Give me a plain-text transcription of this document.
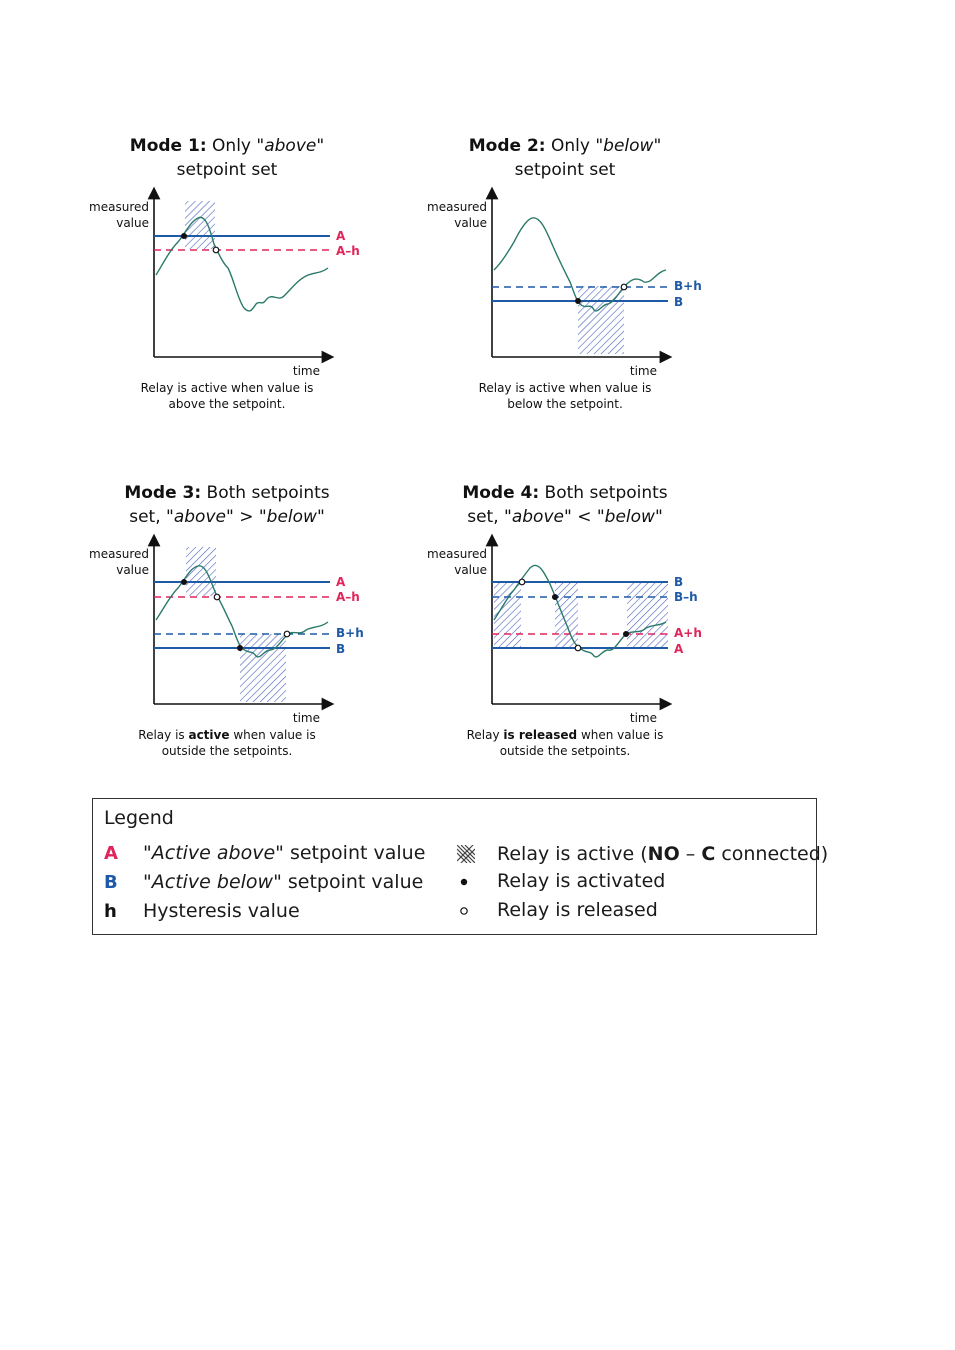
Mode 1: Only "above"
setpoint set
measured
value
A
A–h
time
Relay is active when value is
above the setpoint.
Mode 2: Only "below"
setpoint set
measured
value
B+h
B
time
Relay is active when value is
below the setpoint.
Mode 3: Both setpoints
set, "above" > "below"
measured
value
A
A–h
B+h
B
time
Relay is active when value is
outside the setpoints.
Mode 4: Both setpoints
set, "above" < "below"
measured
value
B
B–h
A+h
A
time
Relay is released when value is
outside the setpoints.
Legend
A "Active above" setpoint value
B "Active below" setpoint value
h Hysteresis value
Relay is active (NO – C connected)
Relay is activated
Relay is released
